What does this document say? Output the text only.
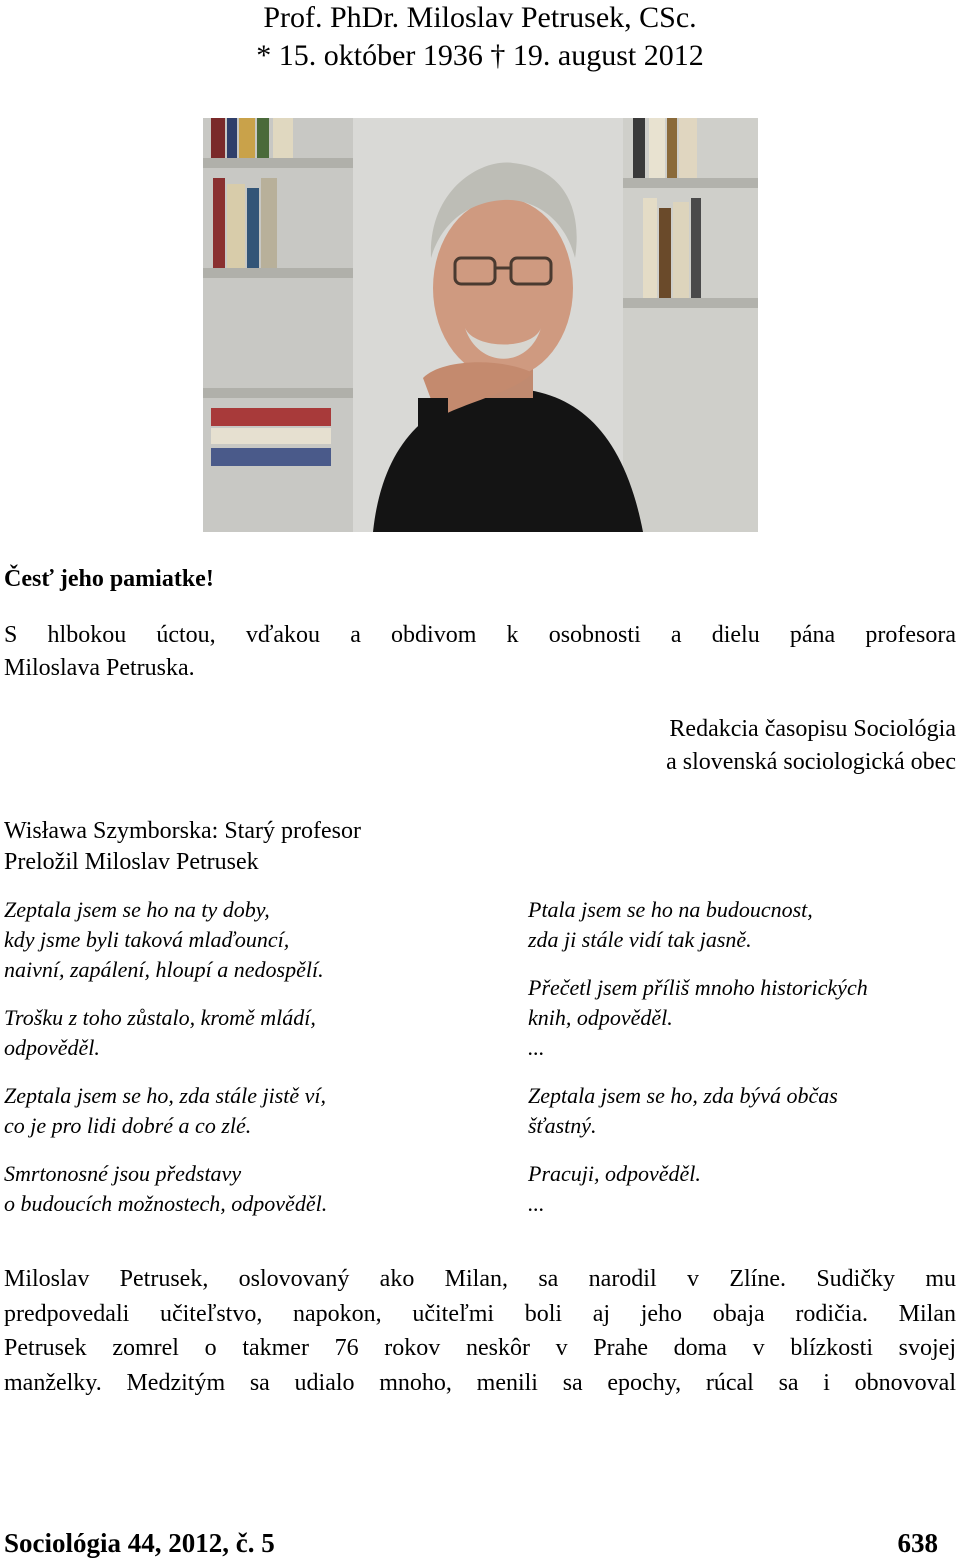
Prof. PhDr. Miloslav Petrusek, CSc.
* 15. október 1936 † 19. august 2012
Česť jeho pamiatke!
S hlbokou úctou, vďakou a obdivom k osobnosti a dielu pána profesora
Miloslava Petruska.
Redakcia časopisu Sociológia
a slovenská sociologická obec
Wisława Szymborska: Starý profesor
Preložil Miloslav Petrusek
Zeptala jsem se ho na ty doby,
kdy jsme byli taková mlaďouncí,
naivní, zapálení, hloupí a nedospělí.
Trošku z toho zůstalo, kromě mládí,
odpověděl.
Zeptala jsem se ho, zda stále jistě ví,
co je pro lidi dobré a co zlé.
Smrtonosné jsou představy
o budoucích možnostech, odpověděl.
Ptala jsem se ho na budoucnost,
zda ji stále vidí tak jasně.
Přečetl jsem příliš mnoho historických
knih, odpověděl.
...
Zeptala jsem se ho, zda bývá občas
šťastný.
Pracuji, odpověděl.
...
Miloslav Petrusek, oslovovaný ako Milan, sa narodil v Zlíne. Sudičky mu
predpovedali učiteľstvo, napokon, učiteľmi boli aj jeho obaja rodičia. Milan
Petrusek zomrel o takmer 76 rokov neskôr v Prahe doma v blízkosti svojej
manželky. Medzitým sa udialo mnoho, menili sa epochy, rúcal sa i obnovoval
Sociológia 44, 2012, č. 5	638
